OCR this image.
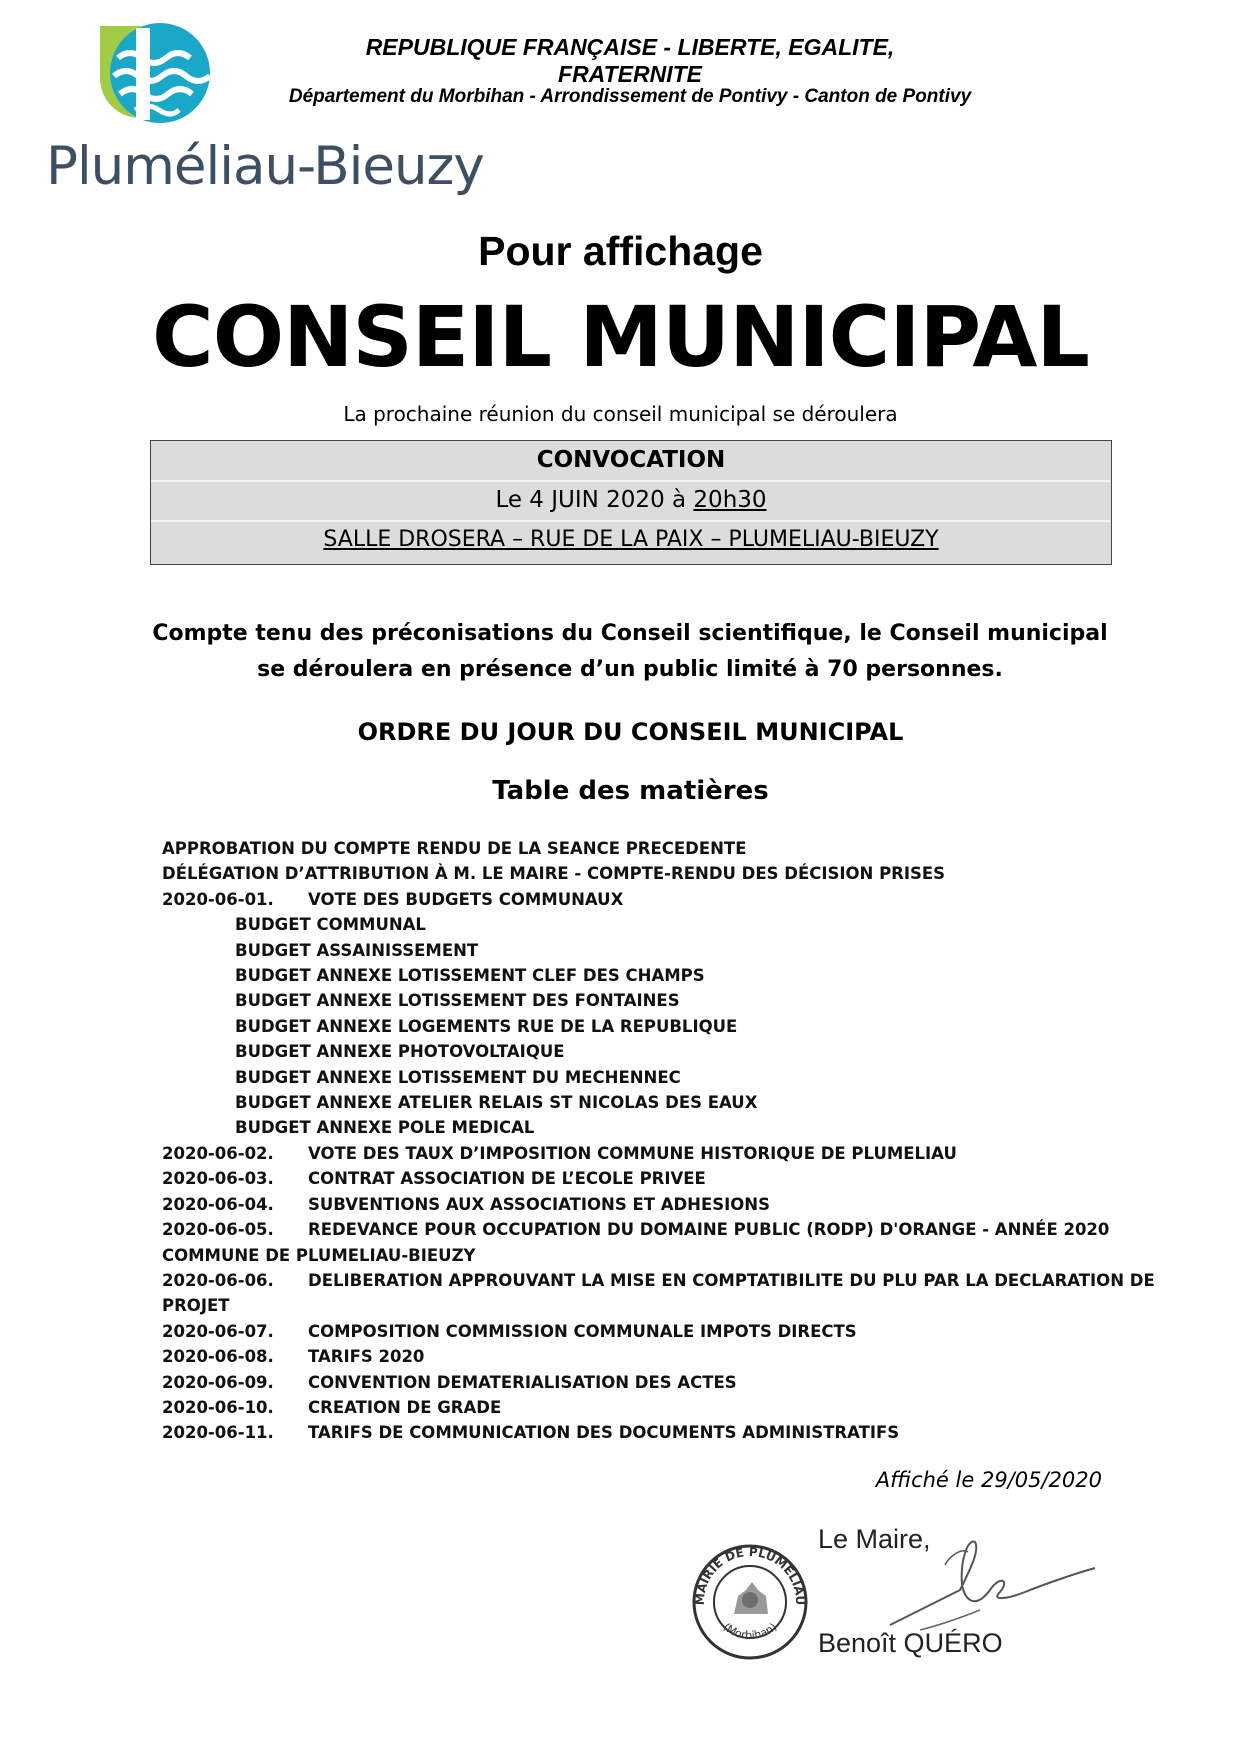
Pluméliau-Bieuzy
REPUBLIQUE FRANÇAISE - LIBERTE, EGALITE, FRATERNITE
Département du Morbihan - Arrondissement de Pontivy - Canton de Pontivy
Pour affichage
CONSEIL MUNICIPAL
La prochaine réunion du conseil municipal se déroulera
CONVOCATION
Le 4 JUIN 2020 à 20h30
SALLE DROSERA – RUE DE LA PAIX – PLUMELIAU-BIEUZY
Compte tenu des préconisations du Conseil scientifique, le Conseil municipal
se déroulera en présence d’un public limité à 70 personnes.
ORDRE DU JOUR DU CONSEIL MUNICIPAL
Table des matières
APPROBATION DU COMPTE RENDU DE LA SEANCE PRECEDENTE
DÉLÉGATION D’ATTRIBUTION À M. LE MAIRE - COMPTE-RENDU DES DÉCISION PRISES
2020-06-01. VOTE DES BUDGETS COMMUNAUX
BUDGET COMMUNAL
BUDGET ASSAINISSEMENT
BUDGET ANNEXE LOTISSEMENT CLEF DES CHAMPS
BUDGET ANNEXE LOTISSEMENT DES FONTAINES
BUDGET ANNEXE LOGEMENTS RUE DE LA REPUBLIQUE
BUDGET ANNEXE PHOTOVOLTAIQUE
BUDGET ANNEXE LOTISSEMENT DU MECHENNEC
BUDGET ANNEXE ATELIER RELAIS ST NICOLAS DES EAUX
BUDGET ANNEXE POLE MEDICAL
2020-06-02. VOTE DES TAUX D’IMPOSITION COMMUNE HISTORIQUE DE PLUMELIAU
2020-06-03. CONTRAT ASSOCIATION DE L’ECOLE PRIVEE
2020-06-04. SUBVENTIONS AUX ASSOCIATIONS ET ADHESIONS
2020-06-05. REDEVANCE POUR OCCUPATION DU DOMAINE PUBLIC (RODP) D'ORANGE - ANNÉE 2020
COMMUNE DE PLUMELIAU-BIEUZY
2020-06-06. DELIBERATION APPROUVANT LA MISE EN COMPTATIBILITE DU PLU PAR LA DECLARATION DE
PROJET
2020-06-07. COMPOSITION COMMISSION COMMUNALE IMPOTS DIRECTS
2020-06-08. TARIFS 2020
2020-06-09. CONVENTION DEMATERIALISATION DES ACTES
2020-06-10. CREATION DE GRADE
2020-06-11. TARIFS DE COMMUNICATION DES DOCUMENTS ADMINISTRATIFS
Affiché le 29/05/2020
MAIRIE DE PLUMELIAU
(Morbihan)
Le Maire,
Benoît QUÉRO
